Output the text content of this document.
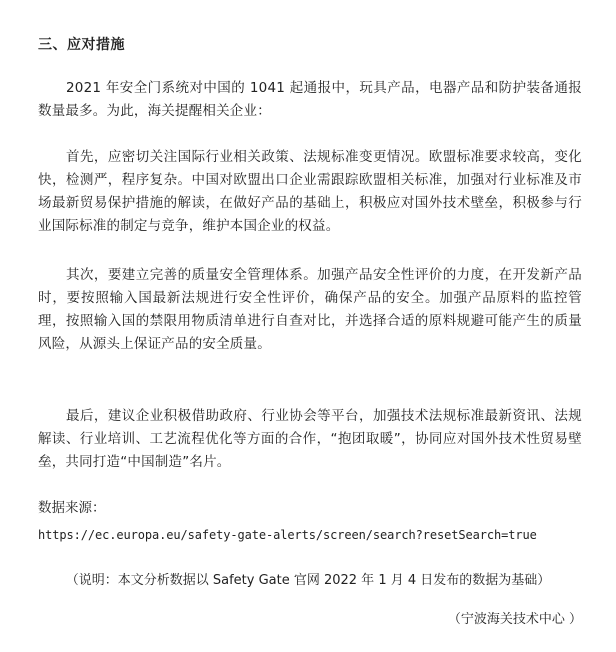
三、应对措施

2021 年安全门系统对中国的 1041 起通报中，玩具产品，电器产品和防护装备通报数量最多。为此，海关提醒相关企业：

首先，应密切关注国际行业相关政策、法规标准变更情况。欧盟标准要求较高，变化快，检测严，程序复杂。中国对欧盟出口企业需跟踪欧盟相关标准，加强对行业标准及市场最新贸易保护措施的解读，在做好产品的基础上，积极应对国外技术壁垒，积极参与行业国际标准的制定与竞争，维护本国企业的权益。

其次，要建立完善的质量安全管理体系。加强产品安全性评价的力度，在开发新产品时，要按照输入国最新法规进行安全性评价，确保产品的安全。加强产品原料的监控管理，按照输入国的禁限用物质清单进行自查对比，并选择合适的原料规避可能产生的质量风险，从源头上保证产品的安全质量。

最后，建议企业积极借助政府、行业协会等平台，加强技术法规标准最新资讯、法规解读、行业培训、工艺流程优化等方面的合作，“抱团取暖”，协同应对国外技术性贸易壁垒，共同打造“中国制造”名片。

数据来源：
https://ec.europa.eu/safety-gate-alerts/screen/search?resetSearch=true
（说明：本文分析数据以 Safety Gate 官网 2022 年 1 月 4 日发布的数据为基础）
（宁波海关技术中心 ）
